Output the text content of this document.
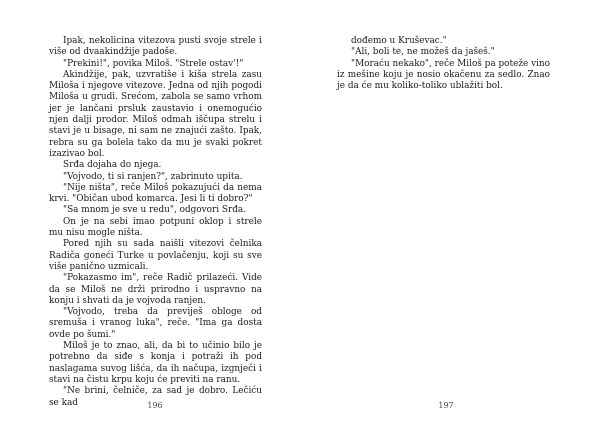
Ipak, nekolicina vitezova pusti svoje strele i više od dvaakindžije padoše.

"Prekini!", povika Miloš. "Strele ostav'!"

Akindžije, pak, uzvratiše i kiša strela zasu Miloša i njegove vitezove. Jedna od njih pogodi Miloša u grudi. Srećom, zabola se samo vrhom jer je lančani prsluk zaustavio i onemogućio njen dalji prodor. Miloš odmah iščupa strelu i stavi je u bisage, ni sam ne znajući zašto. Ipak, rebra su ga bolela tako da mu je svaki pokret izazivao bol.

Srđa dojaha do njega.

"Vojvodo, ti si ranjen?", zabrinuto upita.

"Nije ništa", reče Miloš pokazujući da nema krvi. "Običan ubod komarca. Jesi li ti dobro?"

"Sa mnom je sve u redu", odgovori Srđa.

On je na sebi imao potpuni oklop i strele mu nisu mogle ništa.

Pored njih su sada naišli vitezovi čelnika Radiča goneći Turke u povlačenju, koji su sve više panično uzmicali.

"Pokazasmo im", reče Radič prilazeći. Vide da se Miloš ne drži prirodno i uspravno na konju i shvati da je vojvoda ranjen.

"Vojvodo, treba da previješ obloge od sremuša i vranog luka", reče. "Ima ga dosta ovde po šumi."

Miloš je to znao, ali, da bi to učinio bilo je potrebno da siđe s konja i potraži ih pod naslagama suvog lišća, da ih načupa, izgnječi i stavi na čistu krpu koju će previti na ranu.

"Ne brini, čelniče, za sad je dobro. Lečiću se kad	196

dođemo u Kruševac."

"Ali, boli te, ne možeš da jašeš."

"Moraću nekako", reče Miloš pa poteže vino iz mešine koju je nosio okačenu za sedlo. Znao je da će mu koliko-toliko ublažiti bol.

197
